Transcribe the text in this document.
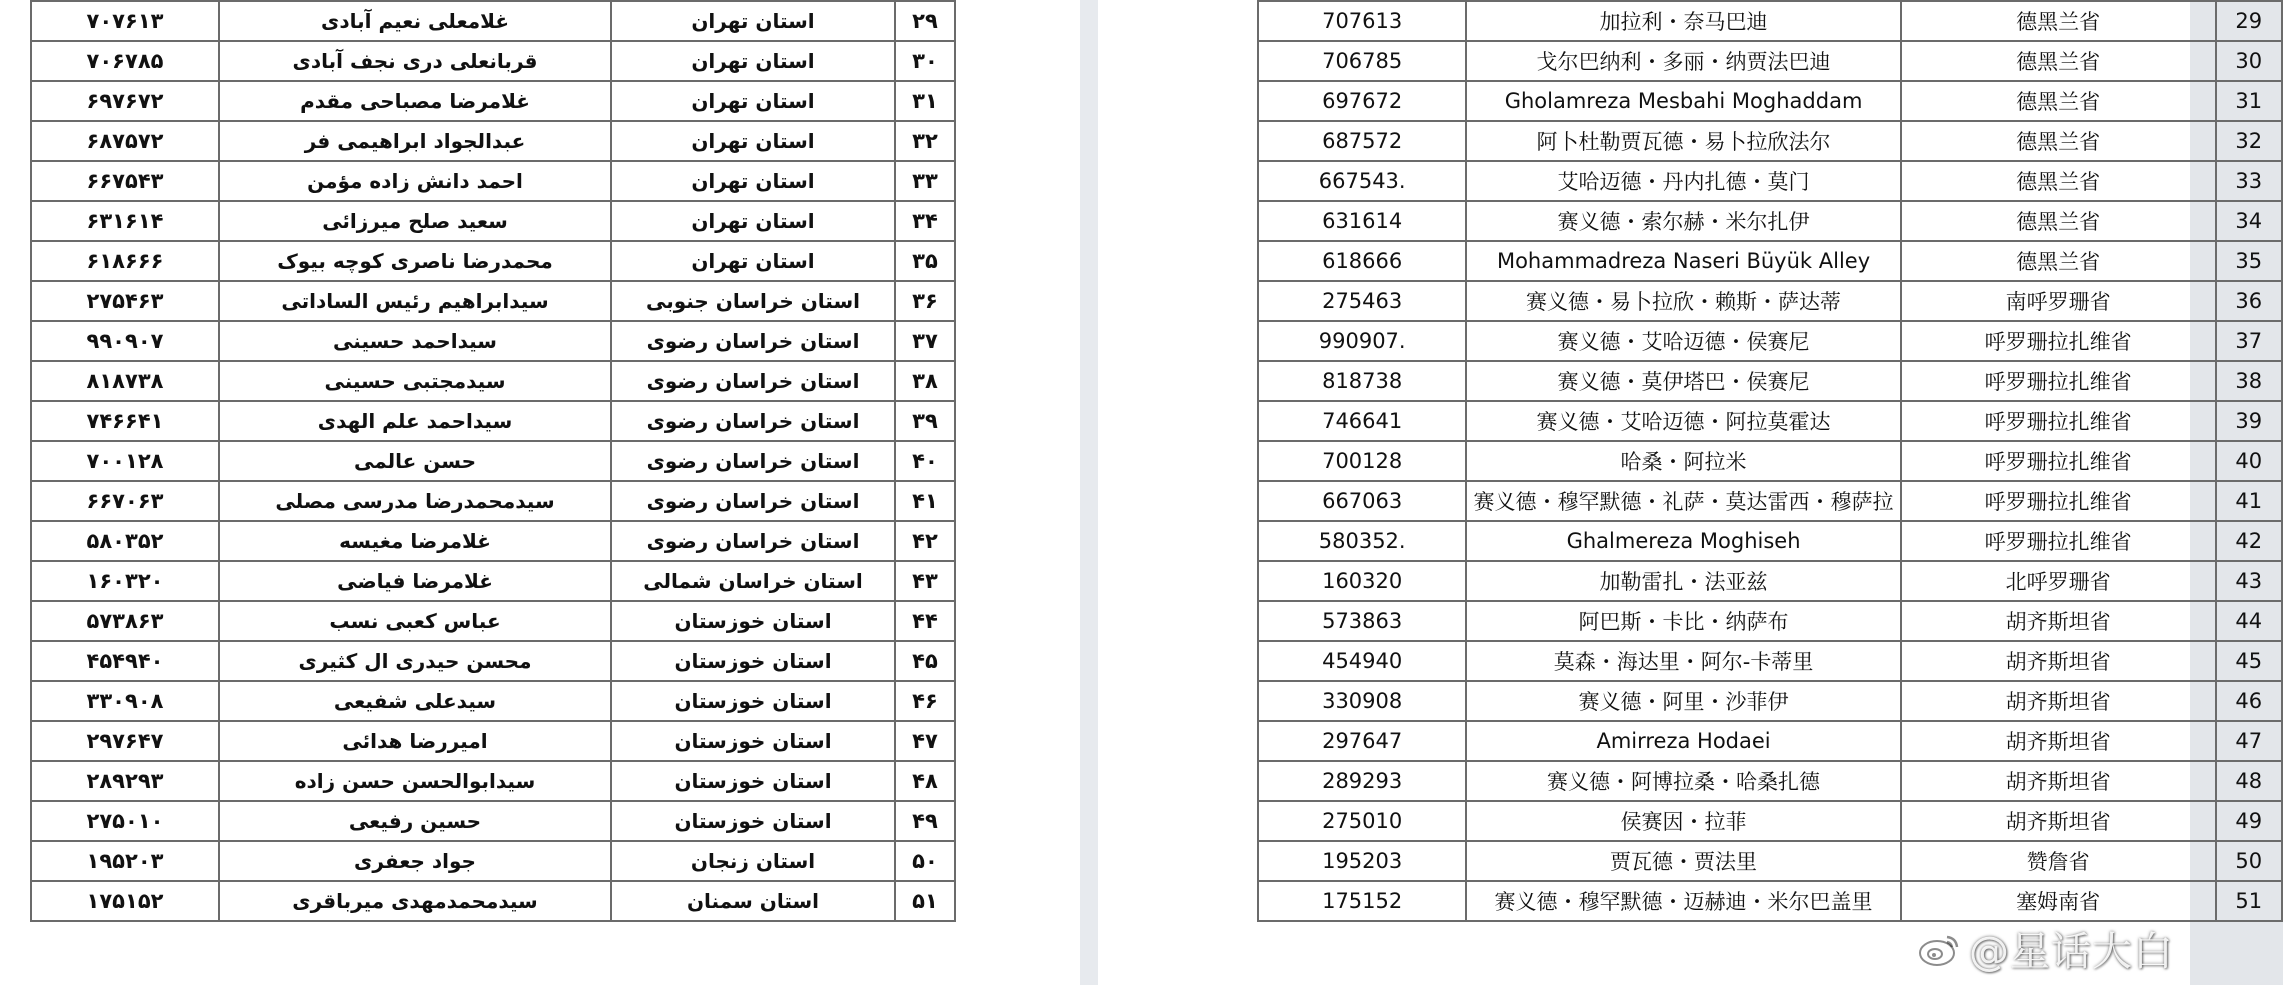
۷۰۷۶۱۳	غلامعلی نعیم آبادی	استان تهران	۲۹
۷۰۶۷۸۵	قربانعلی دری نجف آبادی	استان تهران	۳۰
۶۹۷۶۷۲	غلامرضا مصباحی مقدم	استان تهران	۳۱
۶۸۷۵۷۲	عبدالجواد ابراهیمی فر	استان تهران	۳۲
۶۶۷۵۴۳	احمد دانش زاده مؤمن	استان تهران	۳۳
۶۳۱۶۱۴	سعید صلح میرزائی	استان تهران	۳۴
۶۱۸۶۶۶	محمدرضا ناصری کوچه بیوک	استان تهران	۳۵
۲۷۵۴۶۳	سیدابراهیم رئیس الساداتی	استان خراسان جنوبی	۳۶
۹۹۰۹۰۷	سیداحمد حسینی	استان خراسان رضوی	۳۷
۸۱۸۷۳۸	سیدمجتبی حسینی	استان خراسان رضوی	۳۸
۷۴۶۶۴۱	سیداحمد علم الهدی	استان خراسان رضوی	۳۹
۷۰۰۱۲۸	حسن عالمی	استان خراسان رضوی	۴۰
۶۶۷۰۶۳	سیدمحمدرضا مدرسی مصلی	استان خراسان رضوی	۴۱
۵۸۰۳۵۲	غلامرضا مغیسه	استان خراسان رضوی	۴۲
۱۶۰۳۲۰	غلامرضا فیاضی	استان خراسان شمالی	۴۳
۵۷۳۸۶۳	عباس کعبی نسب	استان خوزستان	۴۴
۴۵۴۹۴۰	محسن حیدری ال کثیری	استان خوزستان	۴۵
۳۳۰۹۰۸	سیدعلی شفیعی	استان خوزستان	۴۶
۲۹۷۶۴۷	امیررضا هدائی	استان خوزستان	۴۷
۲۸۹۲۹۳	سیدابوالحسن حسن زاده	استان خوزستان	۴۸
۲۷۵۰۱۰	حسین رفیعی	استان خوزستان	۴۹
۱۹۵۲۰۳	جواد جعفری	استان زنجان	۵۰
۱۷۵۱۵۲	سیدمحمدمهدی میرباقری	استان سمنان	۵۱
707613	加拉利・奈马巴迪	德黑兰省	29
706785	戈尔巴纳利・多丽・纳贾法巴迪	德黑兰省	30
697672	Gholamreza Mesbahi Moghaddam	德黑兰省	31
687572	阿卜杜勒贾瓦德・易卜拉欣法尔	德黑兰省	32
667543.	艾哈迈德・丹内扎德・莫门	德黑兰省	33
631614	赛义德・索尔赫・米尔扎伊	德黑兰省	34
618666	Mohammadreza Naseri Büyük Alley	德黑兰省	35
275463	赛义德・易卜拉欣・赖斯・萨达蒂	南呼罗珊省	36
990907.	赛义德・艾哈迈德・侯赛尼	呼罗珊拉扎维省	37
818738	赛义德・莫伊塔巴・侯赛尼	呼罗珊拉扎维省	38
746641	赛义德・艾哈迈德・阿拉莫霍达	呼罗珊拉扎维省	39
700128	哈桑・阿拉米	呼罗珊拉扎维省	40
667063	赛义德・穆罕默德・礼萨・莫达雷西・穆萨拉	呼罗珊拉扎维省	41
580352.	Ghalmereza Moghiseh	呼罗珊拉扎维省	42
160320	加勒雷扎・法亚兹	北呼罗珊省	43
573863	阿巴斯・卡比・纳萨布	胡齐斯坦省	44
454940	莫森・海达里・阿尔-卡蒂里	胡齐斯坦省	45
330908	赛义德・阿里・沙菲伊	胡齐斯坦省	46
297647	Amirreza Hodaei	胡齐斯坦省	47
289293	赛义德・阿博拉桑・哈桑扎德	胡齐斯坦省	48
275010	侯赛因・拉菲	胡齐斯坦省	49
195203	贾瓦德・贾法里	赞詹省	50
175152	赛义德・穆罕默德・迈赫迪・米尔巴盖里	塞姆南省	51
@星话大白
